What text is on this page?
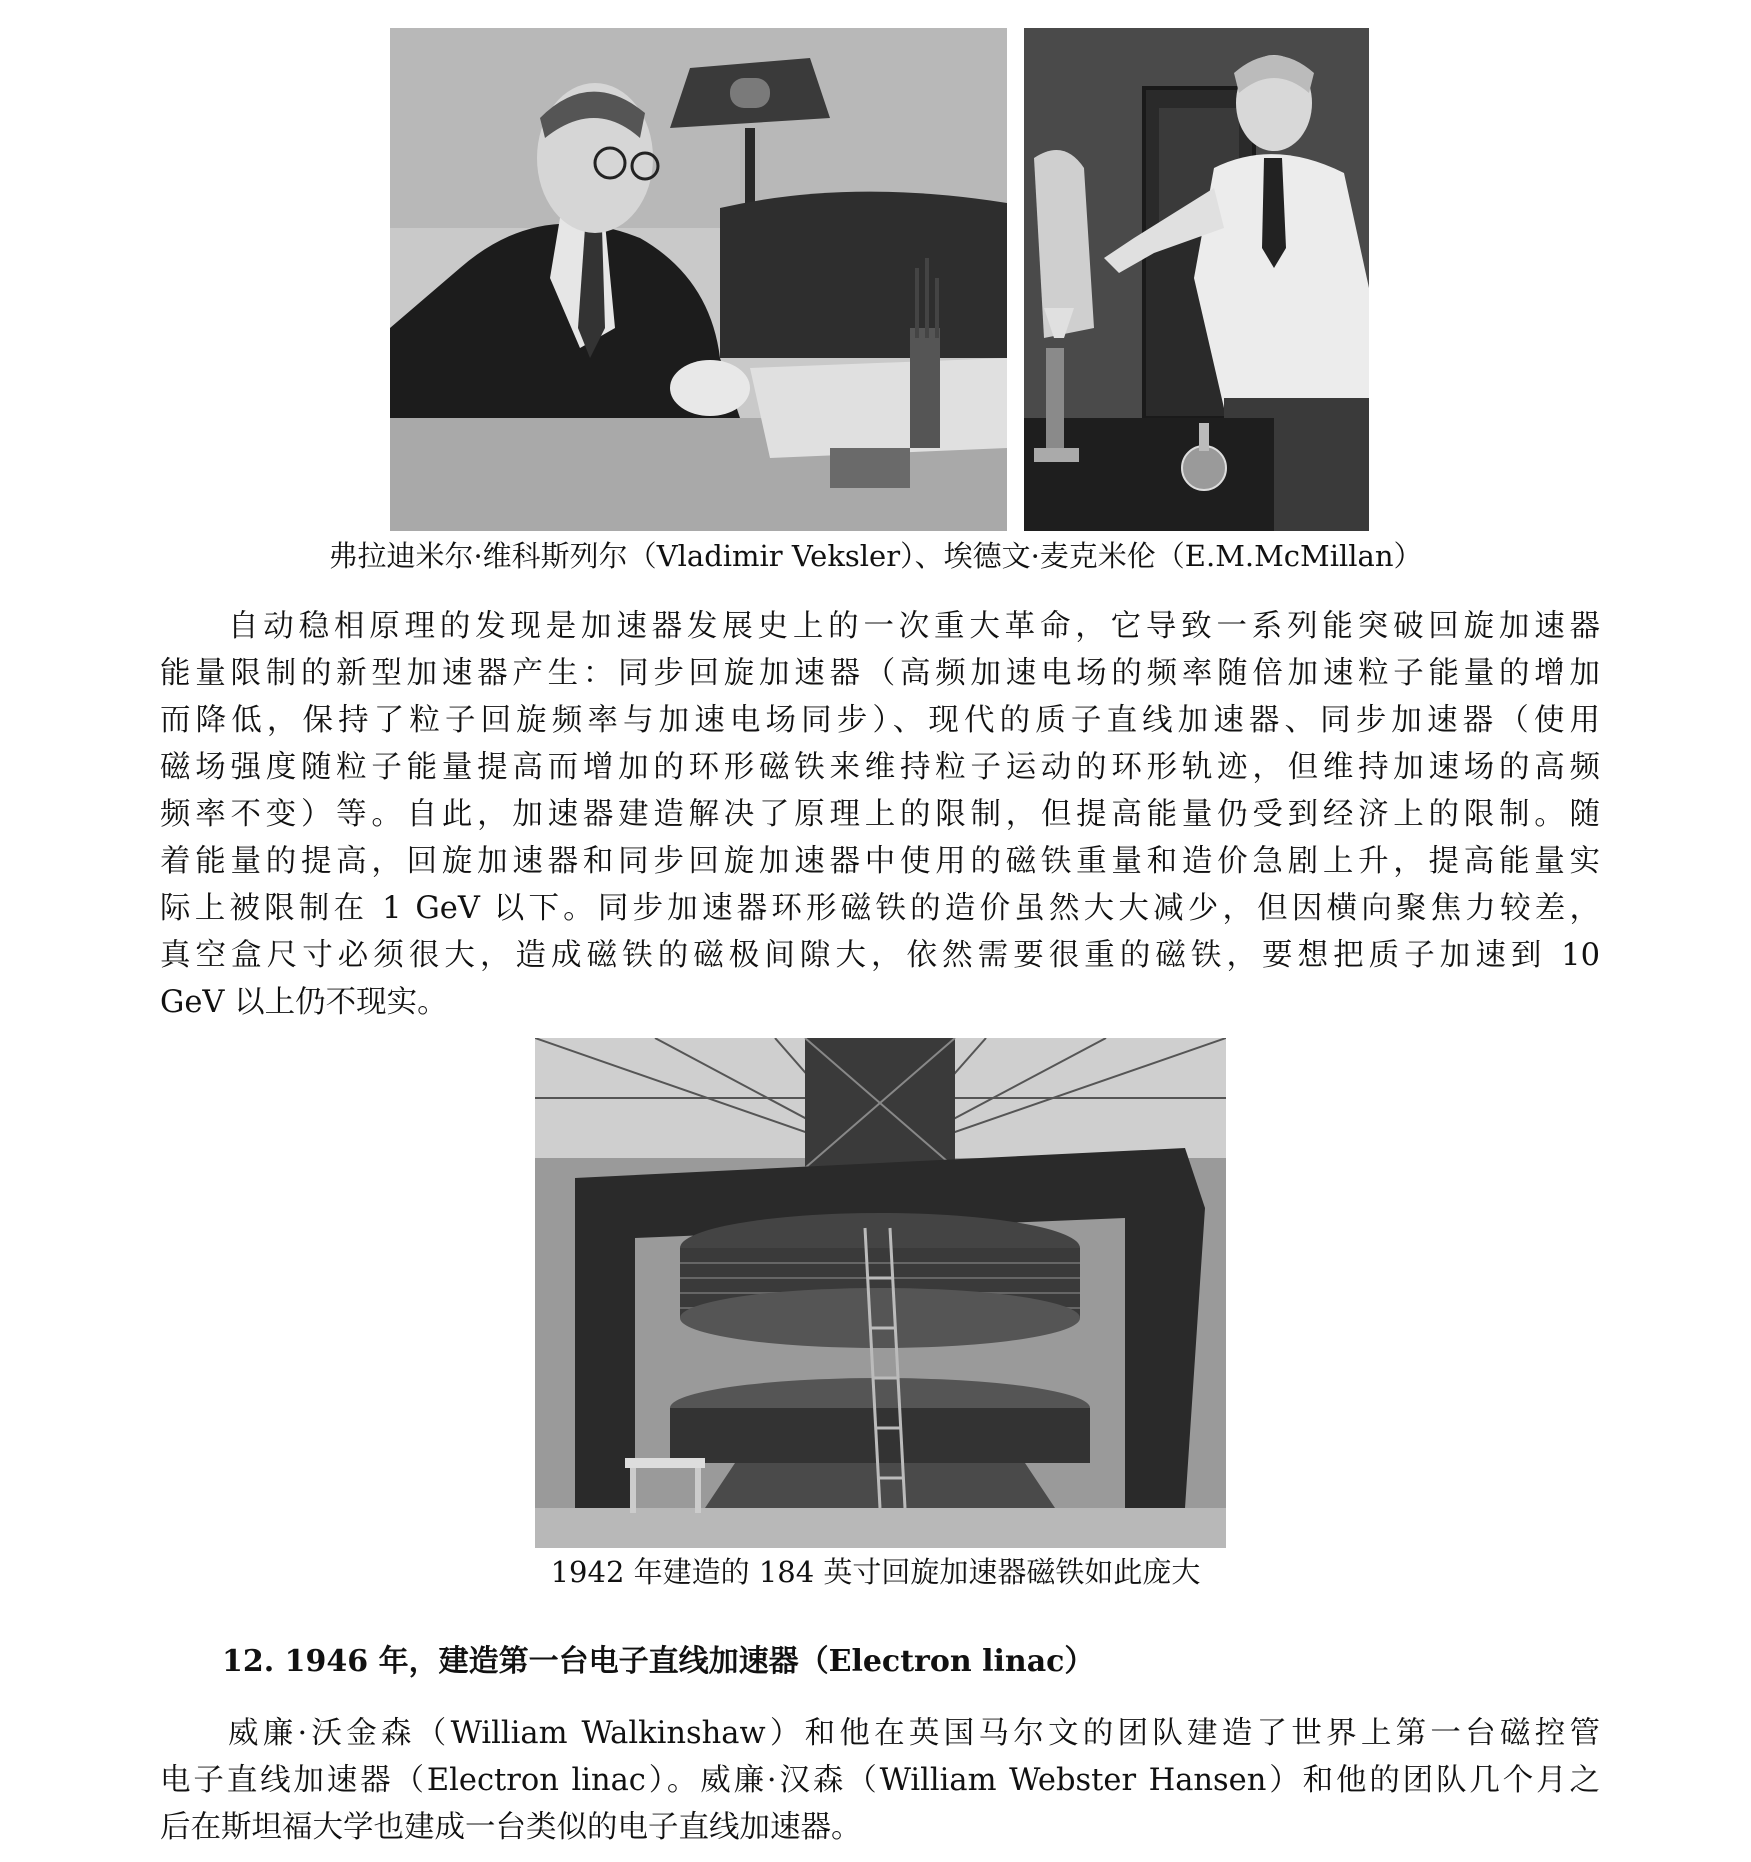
弗拉迪米尔·维科斯列尔（Vladimir Veksler）、埃德文·麦克米伦（E.M.McMillan）
自动稳相原理的发现是加速器发展史上的一次重大革命，它导致一系列能突破回旋加速器
能量限制的新型加速器产生：同步回旋加速器（高频加速电场的频率随倍加速粒子能量的增加
而降低，保持了粒子回旋频率与加速电场同步）、现代的质子直线加速器、同步加速器（使用
磁场强度随粒子能量提高而增加的环形磁铁来维持粒子运动的环形轨迹，但维持加速场的高频
频率不变）等。自此，加速器建造解决了原理上的限制，但提高能量仍受到经济上的限制。随
着能量的提高，回旋加速器和同步回旋加速器中使用的磁铁重量和造价急剧上升，提高能量实
际上被限制在 1 GeV 以下。同步加速器环形磁铁的造价虽然大大减少，但因横向聚焦力较差，
真空盒尺寸必须很大，造成磁铁的磁极间隙大，依然需要很重的磁铁，要想把质子加速到 10
GeV 以上仍不现实。
1942 年建造的 184 英寸回旋加速器磁铁如此庞大
12. 1946 年，建造第一台电子直线加速器（Electron linac）
威廉·沃金森（William Walkinshaw）和他在英国马尔文的团队建造了世界上第一台磁控管
电子直线加速器（Electron linac）。威廉·汉森（William Webster Hansen）和他的团队几个月之
后在斯坦福大学也建成一台类似的电子直线加速器。
